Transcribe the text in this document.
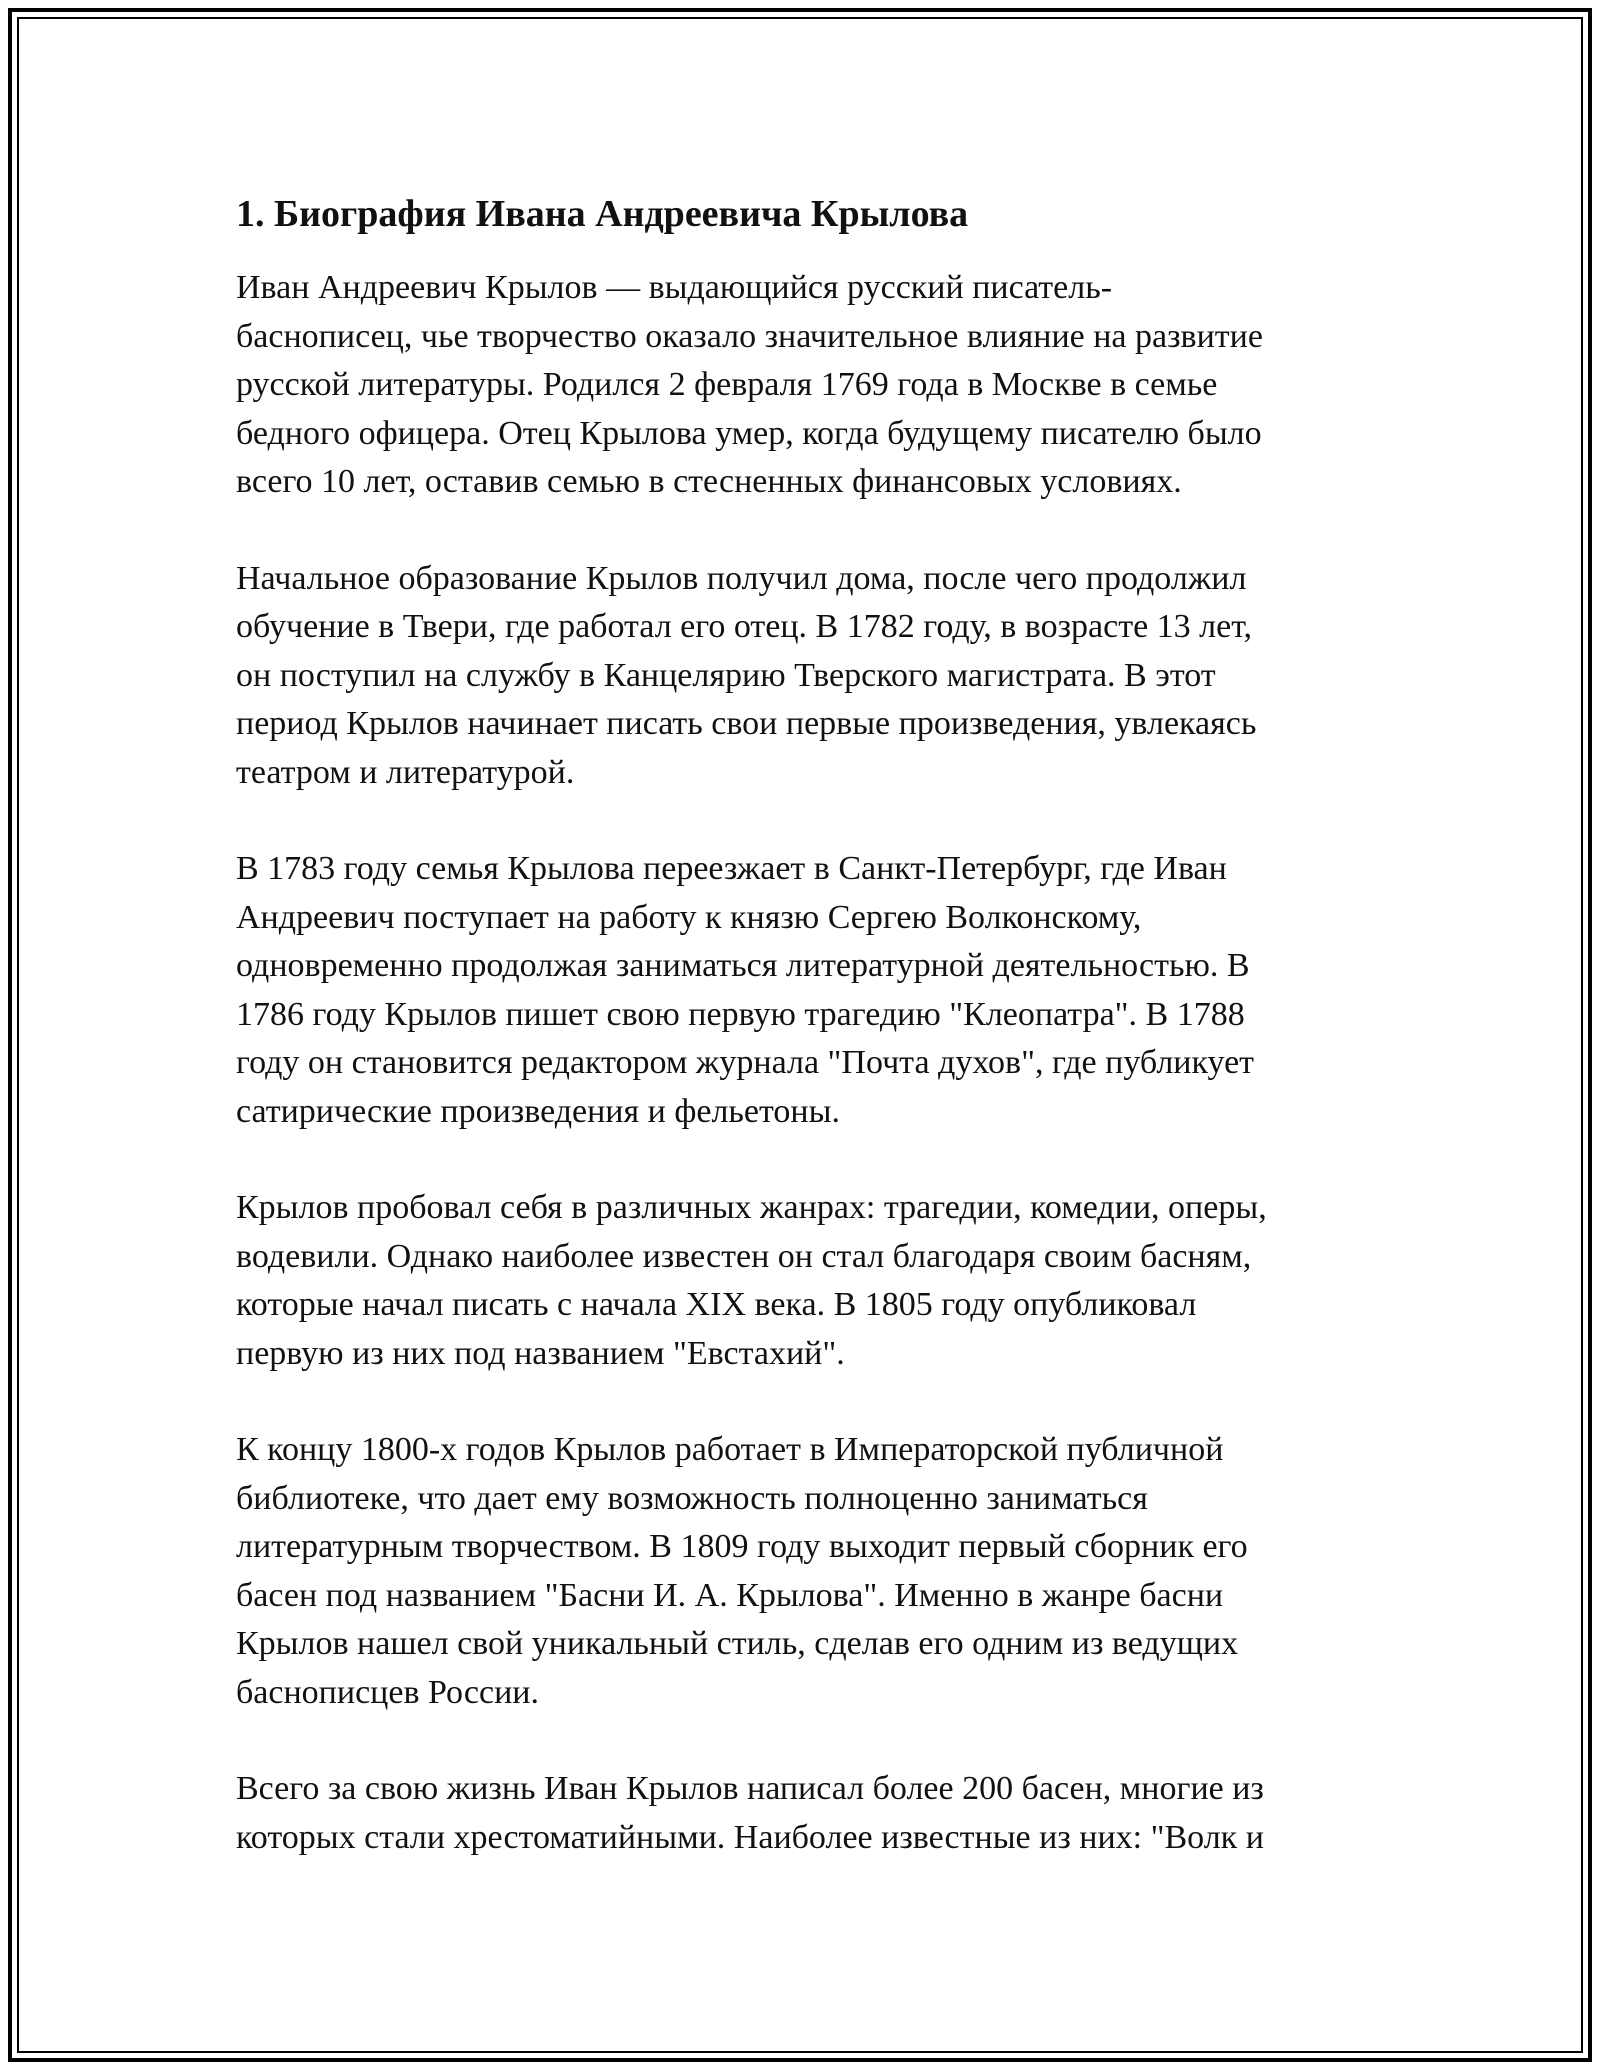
1. Биография Ивана Андреевича Крылова
Иван Андреевич Крылов — выдающийся русский писатель-
баснописец, чье творчество оказало значительное влияние на развитие
русской литературы. Родился 2 февраля 1769 года в Москве в семье
бедного офицера. Отец Крылова умер, когда будущему писателю было
всего 10 лет, оставив семью в стесненных финансовых условиях.
Начальное образование Крылов получил дома, после чего продолжил
обучение в Твери, где работал его отец. В 1782 году, в возрасте 13 лет,
он поступил на службу в Канцелярию Тверского магистрата. В этот
период Крылов начинает писать свои первые произведения, увлекаясь
театром и литературой.
В 1783 году семья Крылова переезжает в Санкт-Петербург, где Иван
Андреевич поступает на работу к князю Сергею Волконскому,
одновременно продолжая заниматься литературной деятельностью. В
1786 году Крылов пишет свою первую трагедию "Клеопатра". В 1788
году он становится редактором журнала "Почта духов", где публикует
сатирические произведения и фельетоны.
Крылов пробовал себя в различных жанрах: трагедии, комедии, оперы,
водевили. Однако наиболее известен он стал благодаря своим басням,
которые начал писать с начала XIX века. В 1805 году опубликовал
первую из них под названием "Евстахий".
К концу 1800-х годов Крылов работает в Императорской публичной
библиотеке, что дает ему возможность полноценно заниматься
литературным творчеством. В 1809 году выходит первый сборник его
басен под названием "Басни И. А. Крылова". Именно в жанре басни
Крылов нашел свой уникальный стиль, сделав его одним из ведущих
баснописцев России.
Всего за свою жизнь Иван Крылов написал более 200 басен, многие из
которых стали хрестоматийными. Наиболее известные из них: "Волк и
